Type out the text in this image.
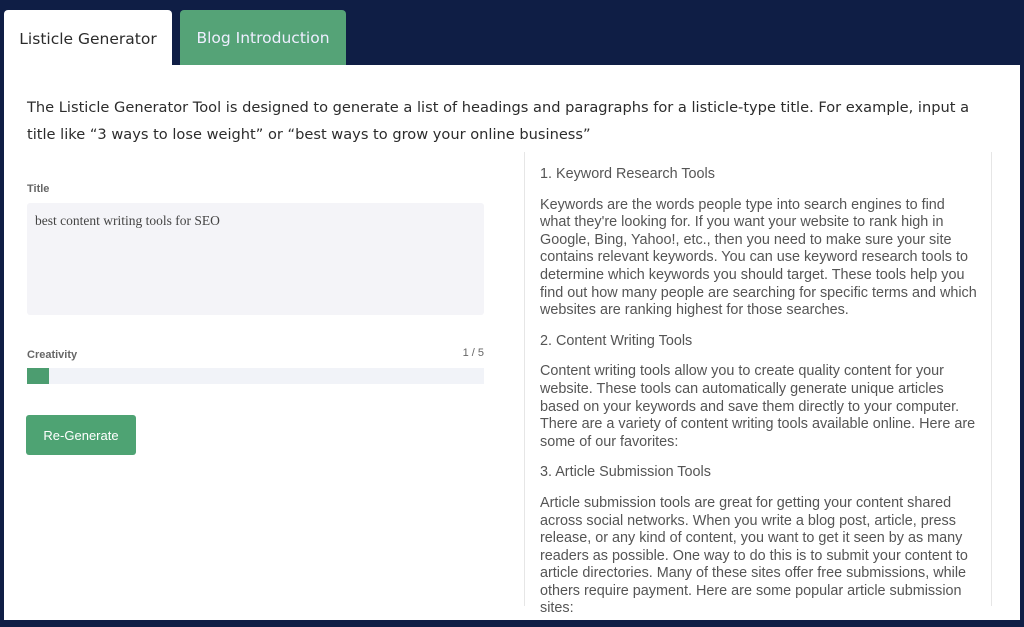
Listicle Generator	Blog Introduction
The Listicle Generator Tool is designed to generate a list of headings and paragraphs for a listicle-type title. For example, input a title like “3 ways to lose weight” or “best ways to grow your online business”
Title
best content writing tools for SEO
Creativity	1 / 5
Re-Generate

1. Keyword Research Tools

Keywords are the words people type into search engines to find what they're looking for. If you want your website to rank high in Google, Bing, Yahoo!, etc., then you need to make sure your site contains relevant keywords. You can use keyword research tools to determine which keywords you should target. These tools help you find out how many people are searching for specific terms and which websites are ranking highest for those searches.

2. Content Writing Tools

Content writing tools allow you to create quality content for your website. These tools can automatically generate unique articles based on your keywords and save them directly to your computer. There are a variety of content writing tools available online. Here are some of our favorites:

3. Article Submission Tools

Article submission tools are great for getting your content shared across social networks. When you write a blog post, article, press release, or any kind of content, you want to get it seen by as many readers as possible. One way to do this is to submit your content to article directories. Many of these sites offer free submissions, while others require payment. Here are some popular article submission sites:
